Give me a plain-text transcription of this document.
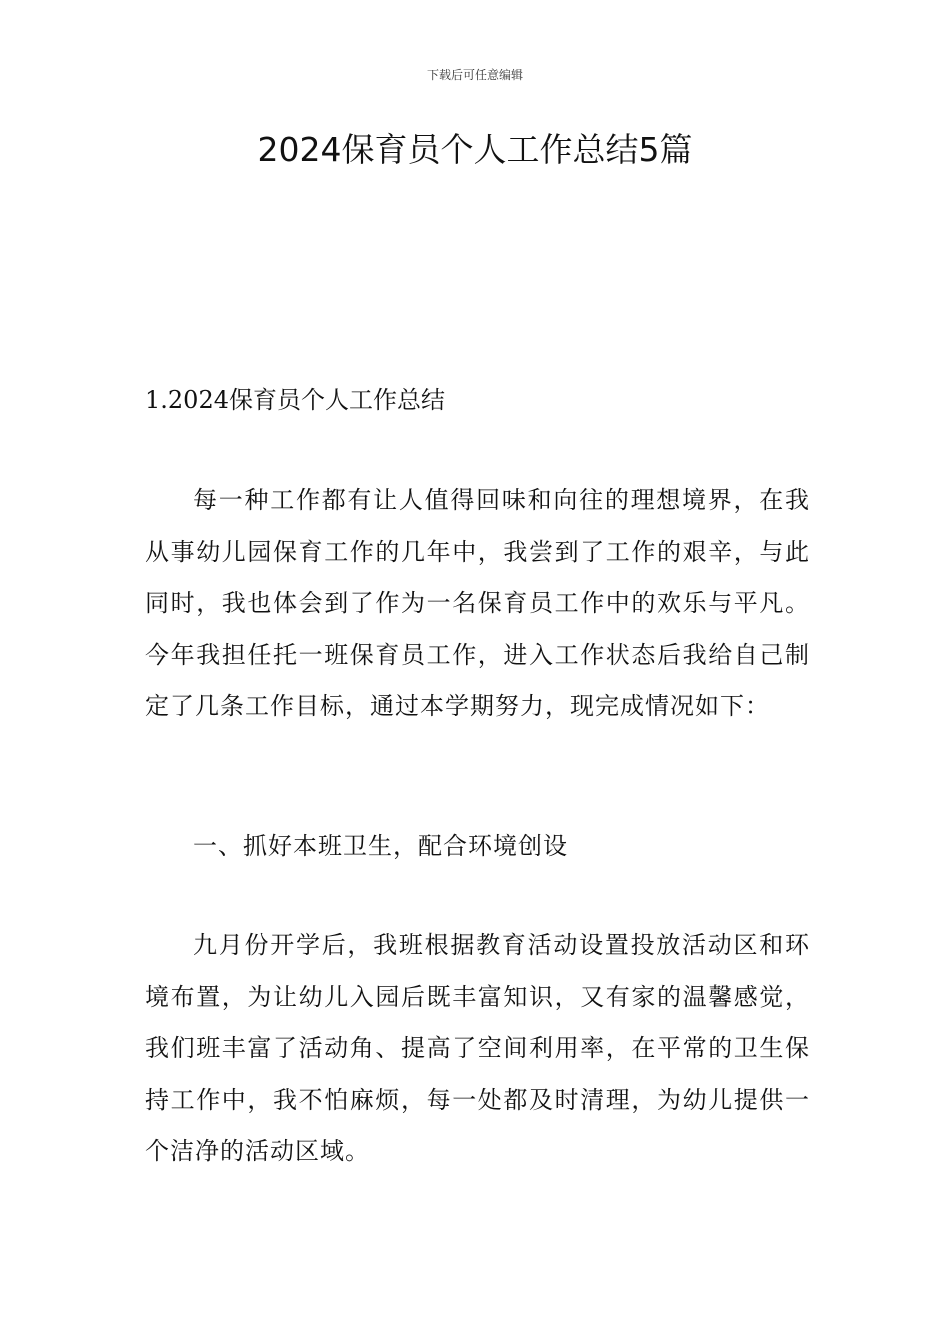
下载后可任意编辑
2024保育员个人工作总结5篇
1.2024保育员个人工作总结

每一种工作都有让人值得回味和向往的理想境界，在我从事幼儿园保育工作的几年中，我尝到了工作的艰辛，与此同时，我也体会到了作为一名保育员工作中的欢乐与平凡。今年我担任托一班保育员工作，进入工作状态后我给自己制定了几条工作目标，通过本学期努力，现完成情况如下：

一、抓好本班卫生，配合环境创设

九月份开学后，我班根据教育活动设置投放活动区和环境布置，为让幼儿入园后既丰富知识，又有家的温馨感觉，我们班丰富了活动角、提高了空间利用率，在平常的卫生保持工作中，我不怕麻烦，每一处都及时清理，为幼儿提供一个洁净的活动区域。
